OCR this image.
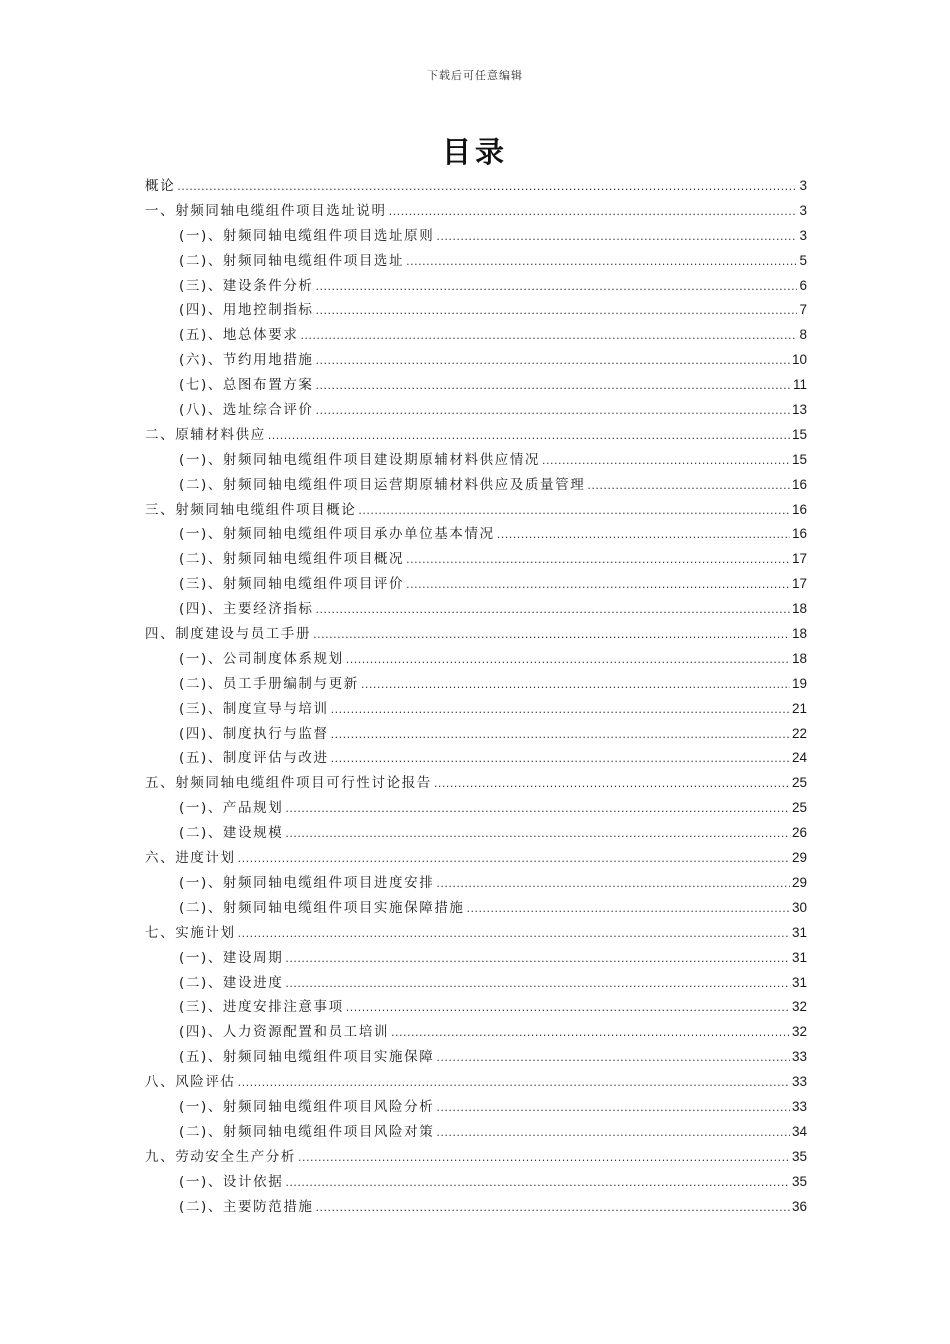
下载后可任意编辑
目录
概论 .....	3
一、射频同轴电缆组件项目选址说明 .....	3
(一)、射频同轴电缆组件项目选址原则 .....	3
(二)、射频同轴电缆组件项目选址 .....	5
(三)、建设条件分析 .....	6
(四)、用地控制指标 .....	7
(五)、地总体要求 .....	8
(六)、节约用地措施 .....	10
(七)、总图布置方案 .....	11
(八)、选址综合评价 .....	13
二、原辅材料供应 .....	15
(一)、射频同轴电缆组件项目建设期原辅材料供应情况 .....	15
(二)、射频同轴电缆组件项目运营期原辅材料供应及质量管理 .....	16
三、射频同轴电缆组件项目概论 .....	16
(一)、射频同轴电缆组件项目承办单位基本情况 .....	16
(二)、射频同轴电缆组件项目概况 .....	17
(三)、射频同轴电缆组件项目评价 .....	17
(四)、主要经济指标 .....	18
四、制度建设与员工手册 .....	18
(一)、公司制度体系规划 .....	18
(二)、员工手册编制与更新 .....	19
(三)、制度宣导与培训 .....	21
(四)、制度执行与监督 .....	22
(五)、制度评估与改进 .....	24
五、射频同轴电缆组件项目可行性讨论报告 .....	25
(一)、产品规划 .....	25
(二)、建设规模 .....	26
六、进度计划 .....	29
(一)、射频同轴电缆组件项目进度安排 .....	29
(二)、射频同轴电缆组件项目实施保障措施 .....	30
七、实施计划 .....	31
(一)、建设周期 .....	31
(二)、建设进度 .....	31
(三)、进度安排注意事项 .....	32
(四)、人力资源配置和员工培训 .....	32
(五)、射频同轴电缆组件项目实施保障 .....	33
八、风险评估 .....	33
(一)、射频同轴电缆组件项目风险分析 .....	33
(二)、射频同轴电缆组件项目风险对策 .....	34
九、劳动安全生产分析 .....	35
(一)、设计依据 .....	35
(二)、主要防范措施 .....	36
